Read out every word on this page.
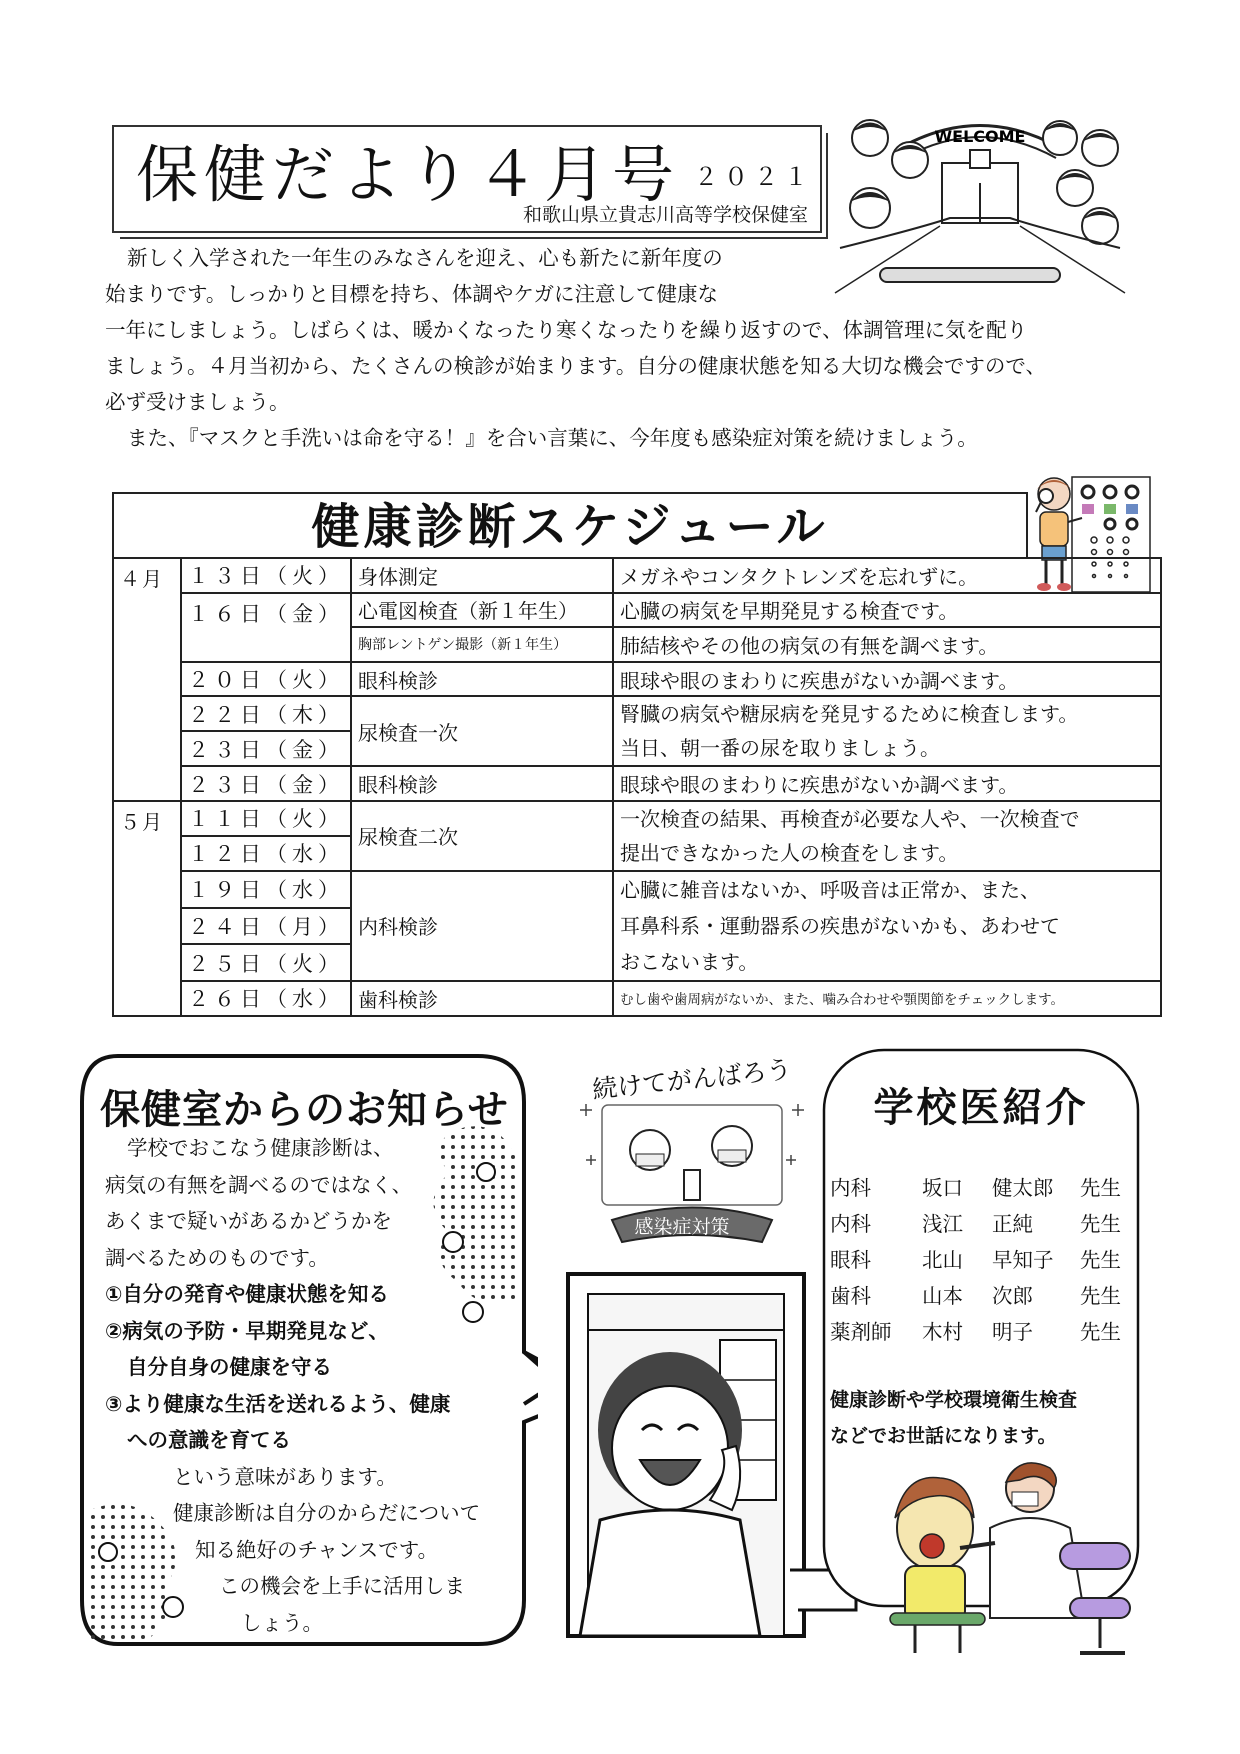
保健だより４月号 ２０２１
和歌山県立貴志川高等学校保健室
WELCOME

新しく入学された一年生のみなさんを迎え、心も新たに新年度の

始まりです。しっかりと目標を持ち、体調やケガに注意して健康な

一年にしましょう。しばらくは、暖かくなったり寒くなったりを繰り返すので、体調管理に気を配り

ましょう。４月当初から、たくさんの検診が始まります。自分の健康状態を知る大切な機会ですので、

必ず受けましょう。

また、『マスクと手洗いは命を守る！』を合い言葉に、今年度も感染症対策を続けましょう。

健康診断スケジュール
４月	１３日（火）	身体測定	メガネやコンタクトレンズを忘れずに。
	１６日（金）	心電図検査（新１年生）	心臓の病気を早期発見する検査です。
		胸部レントゲン撮影（新１年生）	肺結核やその他の病気の有無を調べます。
	２０日（火）	眼科検診	眼球や眼のまわりに疾患がないか調べます。
	２２日（木）	尿検査一次	腎臓の病気や糖尿病を発見するために検査します。
当日、朝一番の尿を取りましょう。
	２３日（金）		
	２３日（金）	眼科検診	眼球や眼のまわりに疾患がないか調べます。
５月	１１日（火）	尿検査二次	一次検査の結果、再検査が必要な人や、一次検査で
提出できなかった人の検査をします。
	１２日（水）		
	１９日（水）	内科検診	心臓に雑音はないか、呼吸音は正常か、また、
耳鼻科系・運動器系の疾患がないかも、あわせて
おこないます。
	２４日（月）		
	２５日（火）		
	２６日（水）	歯科検診	むし歯や歯周病がないか、また、噛み合わせや顎関節をチェックします。
保健室からのお知らせ
学校でおこなう健康診断は、
病気の有無を調べるのではなく、
あくまで疑いがあるかどうかを
調べるためのものです。
①自分の発育や健康状態を知る
②病気の予防・早期発見など、
自分自身の健康を守る
③より健康な生活を送れるよう、健康
への意識を育てる
という意味があります。
健康診断は自分のからだについて
知る絶好のチャンスです。
この機会を上手に活用しま
しょう。
続けてがんばろう
感染症対策
学校医紹介
内科 坂口 健太郎 先生
内科 浅江 正純 先生
眼科 北山 早知子 先生
歯科 山本 次郎 先生
薬剤師 木村 明子 先生
健康診断や学校環境衛生検査
などでお世話になります。
